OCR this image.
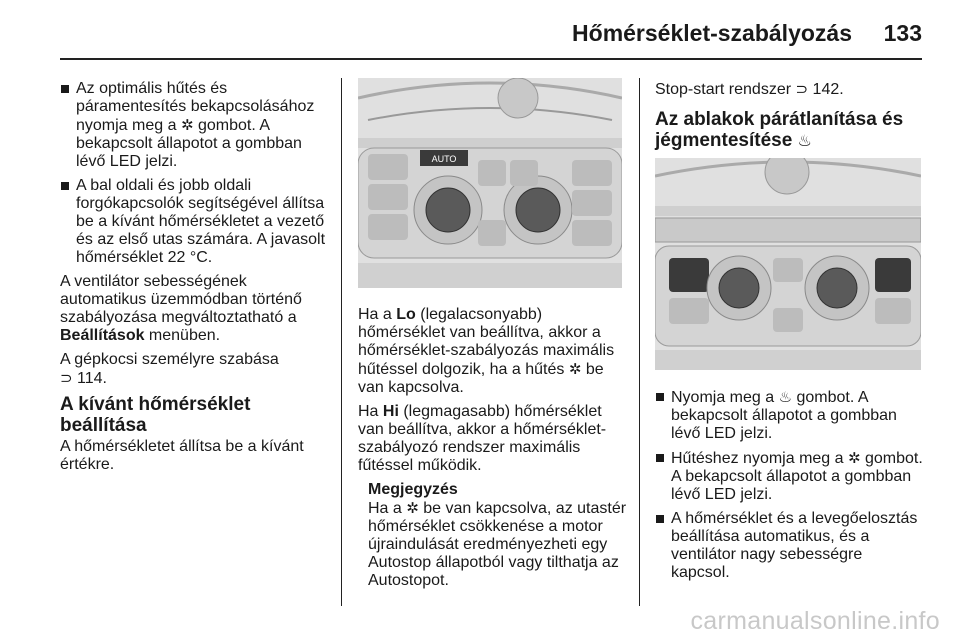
Hőmérséklet-szabályozás 133
Az optimális hűtés és
páramentesítés bekapcsolásához
nyomja meg a ✲ gombot. A
bekapcsolt állapotot a gombban
lévő LED jelzi.
A bal oldali és jobb oldali
forgókapcsolók segítségével állítsa
be a kívánt hőmérsékletet a vezető
és az első utas számára. A javasolt
hőmérséklet 22 °C.

A ventilátor sebességének
automatikus üzemmódban történő
szabályozása megváltoztatható a
Beállítások menüben.

A gépkocsi személyre szabása
⊃ 114.

A kívánt hőmérséklet beállítása

A hőmérsékletet állítsa be a kívánt
értékre.

AUTO

Ha a Lo (legalacsonyabb)
hőmérséklet van beállítva, akkor a
hőmérséklet-szabályozás maximális
hűtéssel dolgozik, ha a hűtés ✲ be
van kapcsolva.

Ha Hi (legmagasabb) hőmérséklet
van beállítva, akkor a hőmérséklet-
szabályozó rendszer maximális
fűtéssel működik.

Megjegyzés
Ha a ✲ be van kapcsolva, az utastér
hőmérséklet csökkenése a motor
újraindulását eredményezheti egy
Autostop állapotból vagy tilthatja az
Autostopot.

Stop-start rendszer ⊃ 142.

Az ablakok párátlanítása és
jégmentesítése ♨
Nyomja meg a ♨ gombot. A
bekapcsolt állapotot a gombban
lévő LED jelzi.
Hűtéshez nyomja meg a ✲ gombot.
A bekapcsolt állapotot a gombban
lévő LED jelzi.
A hőmérséklet és a levegőelosztás
beállítása automatikus, és a
ventilátor nagy sebességre
kapcsol.
carmanualsonline.info
